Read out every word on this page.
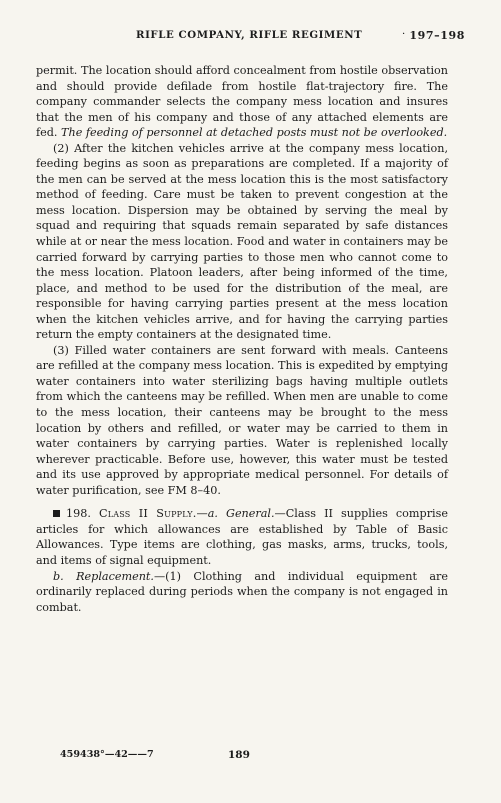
RIFLE COMPANY, RIFLE REGIMENT	· 197–198

permit. The location should afford concealment from hostile observation and should provide defilade from hostile flat-trajectory fire. The company commander selects the company mess location and insures that the men of his company and those of any attached elements are fed. The feeding of personnel at detached posts must not be overlooked.

(2) After the kitchen vehicles arrive at the company mess location, feeding begins as soon as preparations are completed. If a majority of the men can be served at the mess location this is the most satisfactory method of feeding. Care must be taken to prevent congestion at the mess location. Dispersion may be obtained by serving the meal by squad and requiring that squads remain separated by safe distances while at or near the mess location. Food and water in containers may be carried forward by carrying parties to those men who cannot come to the mess location. Platoon leaders, after being informed of the time, place, and method to be used for the distribution of the meal, are responsible for having carrying parties present at the mess location when the kitchen vehicles arrive, and for having the carrying parties return the empty containers at the designated time.

(3) Filled water containers are sent forward with meals. Canteens are refilled at the company mess location. This is expedited by emptying water containers into water sterilizing bags having multiple outlets from which the canteens may be refilled. When men are unable to come to the mess location, their canteens may be brought to the mess location by others and refilled, or water may be carried to them in water containers by carrying parties. Water is replenished locally wherever practicable. Before use, however, this water must be tested and its use approved by appropriate medical personnel. For details of water purification, see FM 8–40.

198. Class II Supply.—a. General.—Class II supplies comprise articles for which allowances are established by Table of Basic Allowances. Type items are clothing, gas masks, arms, trucks, tools, and items of signal equipment.

b. Replacement.—(1) Clothing and individual equipment are ordinarily replaced during periods when the company is not engaged in combat.

459438°—42——7	189
